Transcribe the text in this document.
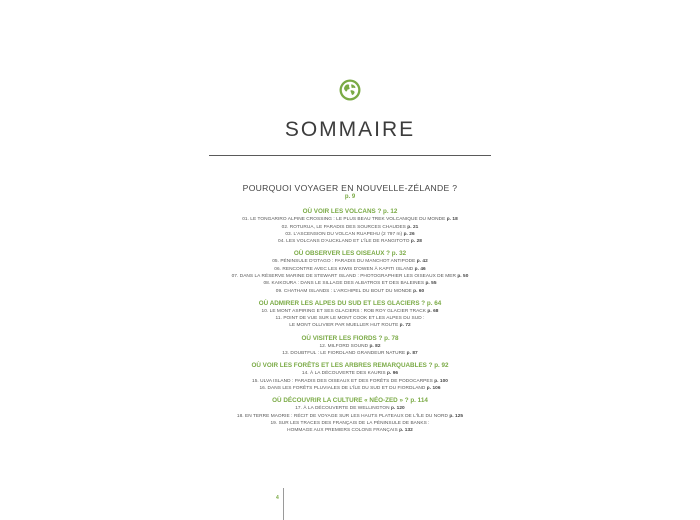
SOMMAIRE
POURQUOI VOYAGER EN NOUVELLE-ZÉLANDE ?
p. 9
OÙ VOIR LES VOLCANS ? p. 12
01. LE TONGARIRO ALPINE CROSSING : LE PLUS BEAU TREK VOLCANIQUE DU MONDE p. 18
02. ROTURUA, LE PARADIS DES SOURCES CHAUDES p. 21
03. L'ASCENSION DU VOLCAN RUAPEHU (2 797 m) p. 26
04. LES VOLCANS D'AUCKLAND ET L'ÎLE DE RANGITOTO p. 28
OÙ OBSERVER LES OISEAUX ? p. 32
05. PÉNINSULE D'OTAGO : PARADIS DU MANCHOT ANTIPODE p. 42
06. RENCONTRE AVEC LES KIWIS D'OWEN À KAPITI ISLAND p. 46
07. DANS LA RÉSERVE MARINE DE STEWART ISLAND : PHOTOGRAPHIER LES OISEAUX DE MER p. 50
08. KAIKOURA : DANS LE SILLAGE DES ALBATROS ET DES BALEINES p. 55
09. CHATHAM ISLANDS : L'ARCHIPEL DU BOUT DU MONDE p. 60
OÙ ADMIRER LES ALPES DU SUD ET LES GLACIERS ? p. 64
10. LE MONT ASPIRING ET SES GLACIERS : ROB ROY GLACIER TRACK p. 68
11. POINT DE VUE SUR LE MONT COOK ET LES ALPES DU SUD :
LE MONT OLLIVIER PAR MUELLER HUT ROUTE p. 72
OÙ VISITER LES FIORDS ? p. 78
12. MILFORD SOUND p. 82
13. DOUBTFUL : LE FIORDLAND GRANDEUR NATURE p. 87
OÙ VOIR LES FORÊTS ET LES ARBRES REMARQUABLES ? p. 92
14. À LA DÉCOUVERTE DES KAURIS p. 96
15. ULVA ISLAND : PARADIS DES OISEAUX ET DES FORÊTS DE PODOCARPES p. 100
16. DANS LES FORÊTS PLUVIALES DE L'ÎLE DU SUD ET DU FIORDLAND p. 106
OÙ DÉCOUVRIR LA CULTURE « NÉO-ZED » ? p. 114
17. À LA DÉCOUVERTE DE WELLINGTON p. 120
18. EN TERRE MAORIE : RÉCIT DE VOYAGE SUR LES HAUTS PLATEAUX DE L'ÎLE DU NORD p. 125
19. SUR LES TRACES DES FRANÇAIS DE LA PÉNINSULE DE BANKS :
HOMMAGE AUX PREMIERS COLONS FRANÇAIS p. 132
4
